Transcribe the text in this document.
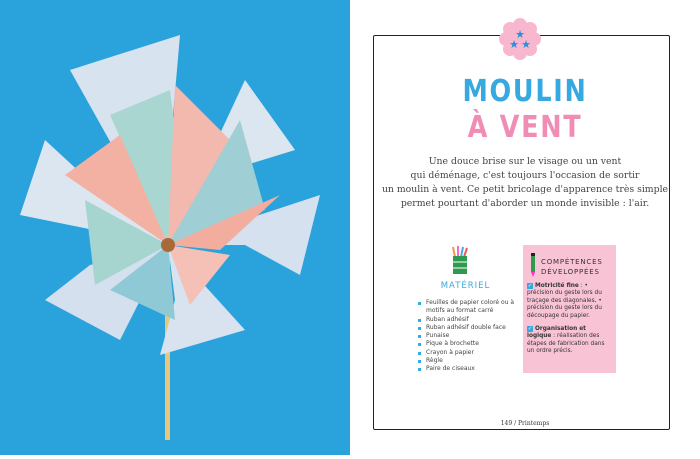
★
★ ★
MOULIN
À VENT
Une douce brise sur le visage ou un vent
qui déménage, c'est toujours l'occasion de sortir
un moulin à vent. Ce petit bricolage d'apparence très simple
permet pourtant d'aborder un monde invisible : l'air.
MATÉRIEL
Feuilles de papier coloré ou à motifs au format carré
Ruban adhésif
Ruban adhésif double face
Punaise
Pique à brochette
Crayon à papier
Règle
Paire de ciseaux
COMPÉTENCES
DÉVELOPPÉES
✓ Motricité fine : • précision du geste lors du traçage des diagonales, • précision du geste lors du découpage du papier.
✓ Organisation et logique : réalisation des étapes de fabrication dans un ordre précis.
149 / Printemps
